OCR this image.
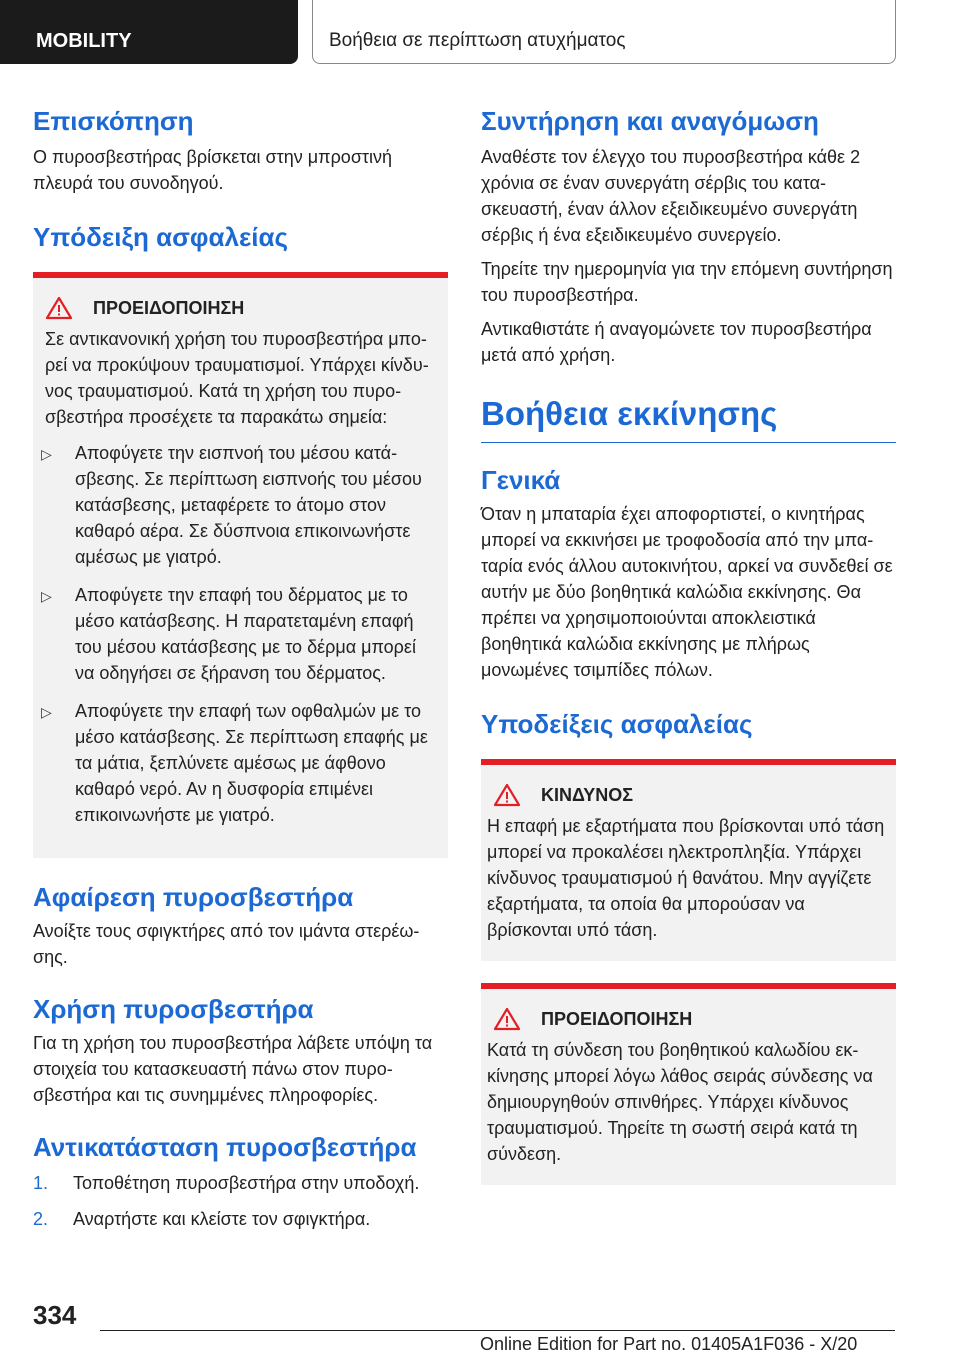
MOBILITY	Βοήθεια σε περίπτωση ατυχήματος
Επισκόπηση

Ο πυροσβεστήρας βρίσκεται στην μπροστινή πλευρά του συνοδηγού.

Υπόδειξη ασφαλείας
ΠΡΟΕΙΔΟΠΟΙΗΣΗ

Σε αντικανονική χρήση του πυροσβεστήρα μπορεί να προκύψουν τραυματισμοί. Υπάρχει κίνδυνος τραυματισμού. Κατά τη χρήση του πυροσβεστήρα προσέχετε τα παρακάτω σημεία:

▷	Αποφύγετε την εισπνοή του μέσου κατάσβεσης. Σε περίπτωση εισπνοής του μέσου κατάσβεσης, μεταφέρετε το άτομο στον καθαρό αέρα. Σε δύσπνοια επικοινωνήστε αμέσως με γιατρό.
▷	Αποφύγετε την επαφή του δέρματος με το μέσο κατάσβεσης. Η παρατεταμένη επαφή του μέσου κατάσβεσης με το δέρμα μπορεί να οδηγήσει σε ξήρανση του δέρματος.
▷	Αποφύγετε την επαφή των οφθαλμών με το μέσο κατάσβεσης. Σε περίπτωση επαφής με τα μάτια, ξεπλύνετε αμέσως με άφθονο καθαρό νερό. Αν η δυσφορία επιμένει επικοινωνήστε με γιατρό.
Αφαίρεση πυροσβεστήρα

Ανοίξτε τους σφιγκτήρες από τον ιμάντα στερέωσης.

Χρήση πυροσβεστήρα

Για τη χρήση του πυροσβεστήρα λάβετε υπόψη τα στοιχεία του κατασκευαστή πάνω στον πυροσβεστήρα και τις συνημμένες πληροφορίες.

Αντικατάσταση πυροσβεστήρα
1.	Τοποθέτηση πυροσβεστήρα στην υποδοχή.
2.	Αναρτήστε και κλείστε τον σφιγκτήρα.
Συντήρηση και αναγόμωση

Αναθέστε τον έλεγχο του πυροσβεστήρα κάθε 2 χρόνια σε έναν συνεργάτη σέρβις του κατασκευαστή, έναν άλλον εξειδικευμένο συνεργάτη σέρβις ή ένα εξειδικευμένο συνεργείο.

Τηρείτε την ημερομηνία για την επόμενη συντήρηση του πυροσβεστήρα.

Αντικαθιστάτε ή αναγομώνετε τον πυροσβεστήρα μετά από χρήση.

Βοήθεια εκκίνησης
Γενικά

Όταν η μπαταρία έχει αποφορτιστεί, ο κινητήρας μπορεί να εκκινήσει με τροφοδοσία από την μπαταρία ενός άλλου αυτοκινήτου, αρκεί να συνδεθεί σε αυτήν με δύο βοηθητικά καλώδια εκκίνησης. Θα πρέπει να χρησιμοποιούνται αποκλειστικά βοηθητικά καλώδια εκκίνησης με πλήρως μονωμένες τσιμπίδες πόλων.

Υποδείξεις ασφαλείας
ΚΙΝΔΥΝΟΣ

Η επαφή με εξαρτήματα που βρίσκονται υπό τάση μπορεί να προκαλέσει ηλεκτροπληξία. Υπάρχει κίνδυνος τραυματισμού ή θανάτου. Μην αγγίζετε εξαρτήματα, τα οποία θα μπορούσαν να βρίσκονται υπό τάση.

ΠΡΟΕΙΔΟΠΟΙΗΣΗ

Κατά τη σύνδεση του βοηθητικού καλωδίου εκκίνησης μπορεί λόγω λάθος σειράς σύνδεσης να δημιουργηθούν σπινθήρες. Υπάρχει κίνδυνος τραυματισμού. Τηρείτε τη σωστή σειρά κατά τη σύνδεση.

334
Online Edition for Part no. 01405A1F036 - X/20
